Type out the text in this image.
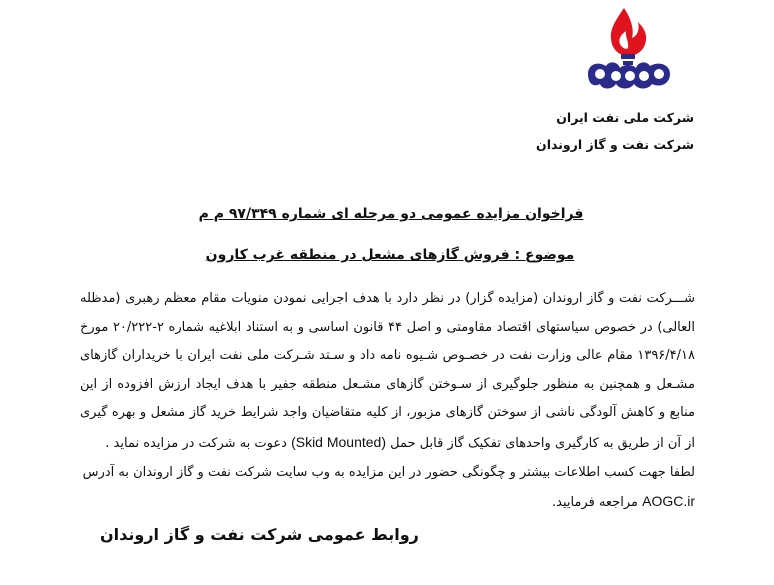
شرکت ملی نفت ایران
شرکت نفت و گاز اروندان
فراخوان مزایده عمومی دو مرحله ای شماره ۹۷/۳۴۹ م م
موضوع : فروش گازهای مشعل در منطقه غرب کارون
شـــرکت نفت و گاز اروندان (مزایده گزار) در نظر دارد با هدف اجرایی نمودن منویات مقام معظم رهبری (مدظله
العالی) در خصوص سیاستهای اقتصاد مقاومتی و اصل ۴۴ قانون اساسی و به استناد ابلاغیه شماره ۲-۲۰/۲۲۲ مورخ
۱۳۹۶/۴/۱۸ مقام عالی وزارت نفت در خصـوص شـیوه نامه داد و سـتد شـرکت ملی نفت ایران با خریداران گازهای
مشـعل و همچنین به منظور جلوگیری از سـوختن گازهای مشـعل منطقه جفیر با هدف ایجاد ارزش افزوده از این
منابع و کاهش آلودگی ناشی از سوختن گازهای مزبور، از کلیه متقاضیان واجد شرایط خرید گاز مشعل و بهره گیری
از آن از طریق به کارگیری واحدهای تفکیک گاز قابل حمل (Skid Mounted) دعوت به شرکت در مزایده نماید .
لطفا جهت کسب اطلاعات بیشتر و چگونگی حضور در این مزایده به وب سایت شرکت نفت و گاز اروندان به آدرس
AOGC.ir مراجعه فرمایید.
روابط عمومی شرکت نفت و گاز اروندان
